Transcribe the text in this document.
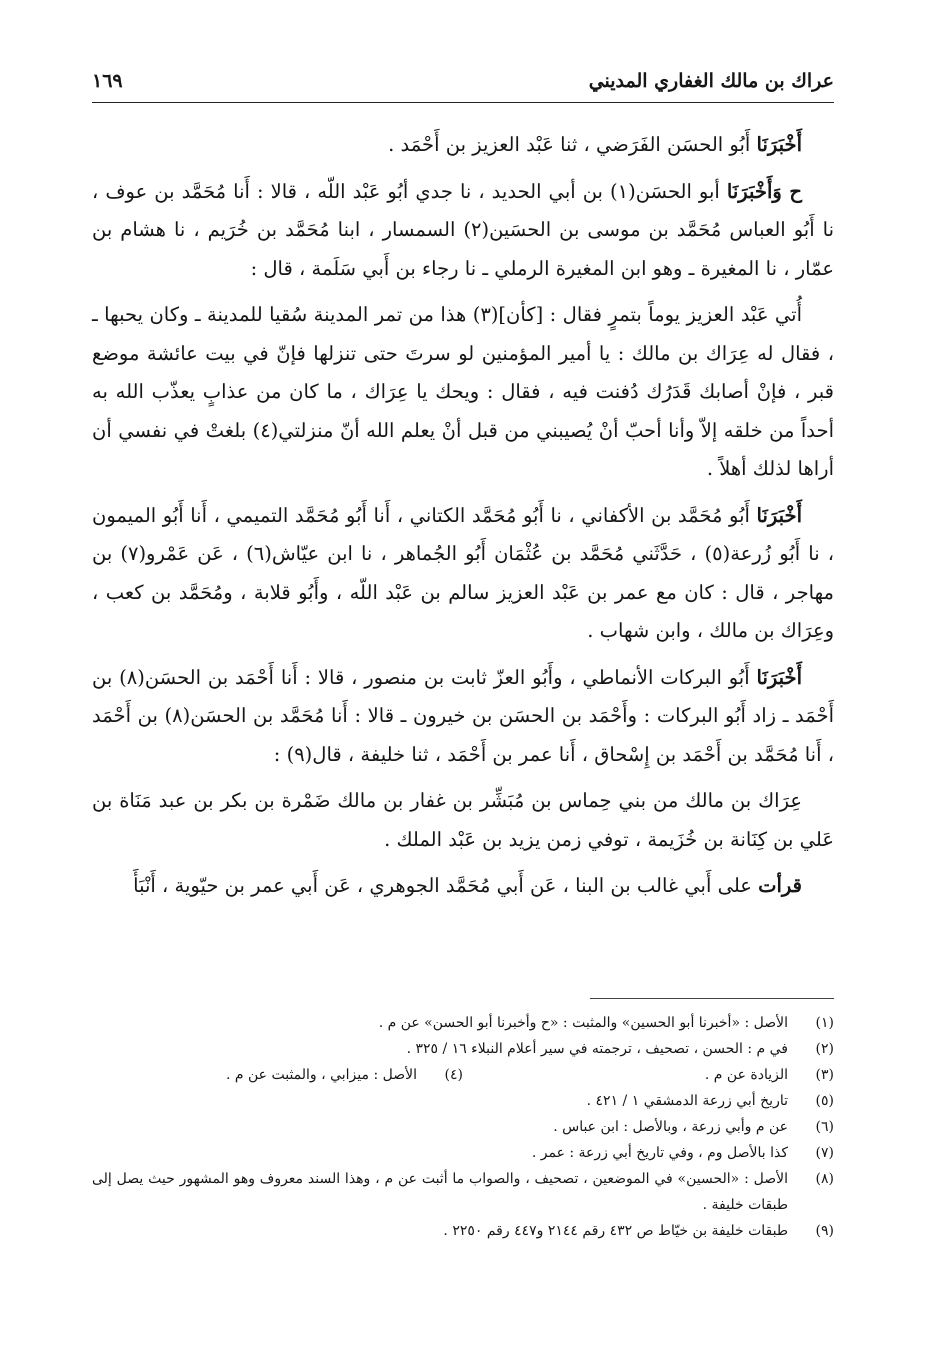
عراك بن مالك الغفاري المديني
١٦٩

أَخْبَرَنَا أَبُو الحسَن الفَرَضي ، ثنا عَبْد العزيز بن أَحْمَد .

ح وَأَخْبَرَنَا أبو الحسَن(١) بن أبي الحديد ، نا جدي أبُو عَبْد اللّه ، قالا : أَنا مُحَمَّد بن عوف ، نا أَبُو العباس مُحَمَّد بن موسى بن الحسَين(٢) السمسار ، ابنا مُحَمَّد بن خُرَيم ، نا هشام بن عمّار ، نا المغيرة ـ وهو ابن المغيرة الرملي ـ نا رجاء بن أَبي سَلَمة ، قال :

أُتي عَبْد العزيز يوماً بتمرٍ فقال : [كأن](٣) هذا من تمر المدينة سُقيا للمدينة ـ وكان يحبها ـ ، فقال له عِرَاك بن مالك : يا أمير المؤمنين لو سرتَ حتى تنزلها فإنّ في بيت عائشة موضع قبر ، فإنْ أصابك قَدَرُك دُفنت فيه ، فقال : ويحك يا عِرَاك ، ما كان من عذابٍ يعذّب الله به أحداً من خلقه إلاّ وأنا أحبّ أنْ يُصيبني من قبل أنْ يعلم الله أنّ منزلتي(٤) بلغتْ في نفسي أن أراها لذلك أهلاً .

أَخْبَرَنَا أَبُو مُحَمَّد بن الأكفاني ، نا أَبُو مُحَمَّد الكتاني ، أَنا أَبُو مُحَمَّد التميمي ، أَنا أَبُو الميمون ، نا أَبُو زُرعة(٥) ، حَدَّثَني مُحَمَّد بن عُثْمَان أَبُو الجُماهر ، نا ابن عيّاش(٦) ، عَن عَمْرو(٧) بن مهاجر ، قال : كان مع عمر بن عَبْد العزيز سالم بن عَبْد اللّه ، وأَبُو قلابة ، ومُحَمَّد بن كعب ، وعِرَاك بن مالك ، وابن شهاب .

أَخْبَرَنَا أَبُو البركات الأنماطي ، وأَبُو العزّ ثابت بن منصور ، قالا : أَنا أَحْمَد بن الحسَن(٨) بن أَحْمَد ـ زاد أَبُو البركات : وأَحْمَد بن الحسَن بن خيرون ـ قالا : أَنا مُحَمَّد بن الحسَن(٨) بن أَحْمَد ، أَنا مُحَمَّد بن أَحْمَد بن إِسْحاق ، أَنا عمر بن أَحْمَد ، ثنا خليفة ، قال(٩) :

عِرَاك بن مالك من بني حِماس بن مُبَشِّر بن غفار بن مالك ضَمْرة بن بكر بن عبد مَنَاة بن عَلي بن كِنَانة بن خُزَيمة ، توفي زمن يزيد بن عَبْد الملك .

قرأت على أَبي غالب بن البنا ، عَن أَبي مُحَمَّد الجوهري ، عَن أَبي عمر بن حيّوية ، أَنْبَأَ

(١)
الأصل : «أخبرنا أبو الحسين» والمثبت : «ح وأخبرنا أبو الحسن» عن م .
(٢)
في م : الحسن ، تصحيف ، ترجمته في سير أعلام النبلاء ١٦ / ٣٢٥ .
(٣)
الزيادة عن م .
(٤)
الأصل : ميزابي ، والمثبت عن م .
(٥)
تاريخ أبي زرعة الدمشقي ١ / ٤٢١ .
(٦)
عن م وأبي زرعة ، وبالأصل : ابن عباس .
(٧)
كذا بالأصل وم ، وفي تاريخ أبي زرعة : عمر .
(٨)
الأصل : «الحسين» في الموضعين ، تصحيف ، والصواب ما أثبت عن م ، وهذا السند معروف وهو المشهور حيث يصل إلى طبقات خليفة .
(٩)
طبقات خليفة بن خيّاط ص ٤٣٢ رقم ٢١٤٤ و٤٤٧ رقم ٢٢٥٠ .
